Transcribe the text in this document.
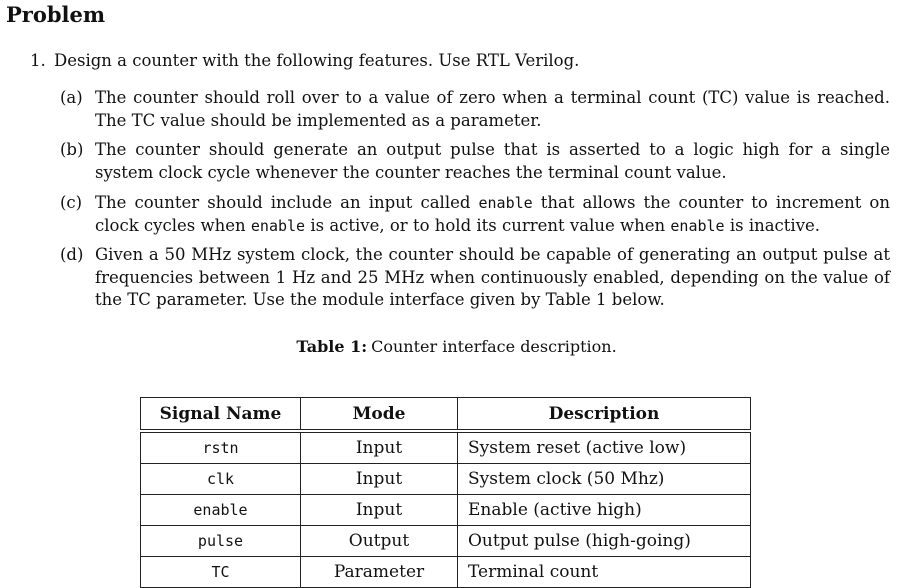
Problem
1. Design a counter with the following features. Use RTL Verilog.
(a) The counter should roll over to a value of zero when a terminal count (TC) value is reached. The TC value should be implemented as a parameter.
(b) The counter should generate an output pulse that is asserted to a logic high for a single system clock cycle whenever the counter reaches the terminal count value.
(c) The counter should include an input called enable that allows the counter to increment on clock cycles when enable is active, or to hold its current value when enable is inactive.
(d) Given a 50 MHz system clock, the counter should be capable of generating an output pulse at frequencies between 1 Hz and 25 MHz when continuously enabled, depending on the value of the TC parameter. Use the module interface given by Table 1 below.
Table 1: Counter interface description.
Signal Name	Mode	Description
rstn	Input	System reset (active low)
clk	Input	System clock (50 Mhz)
enable	Input	Enable (active high)
pulse	Output	Output pulse (high-going)
TC	Parameter	Terminal count
